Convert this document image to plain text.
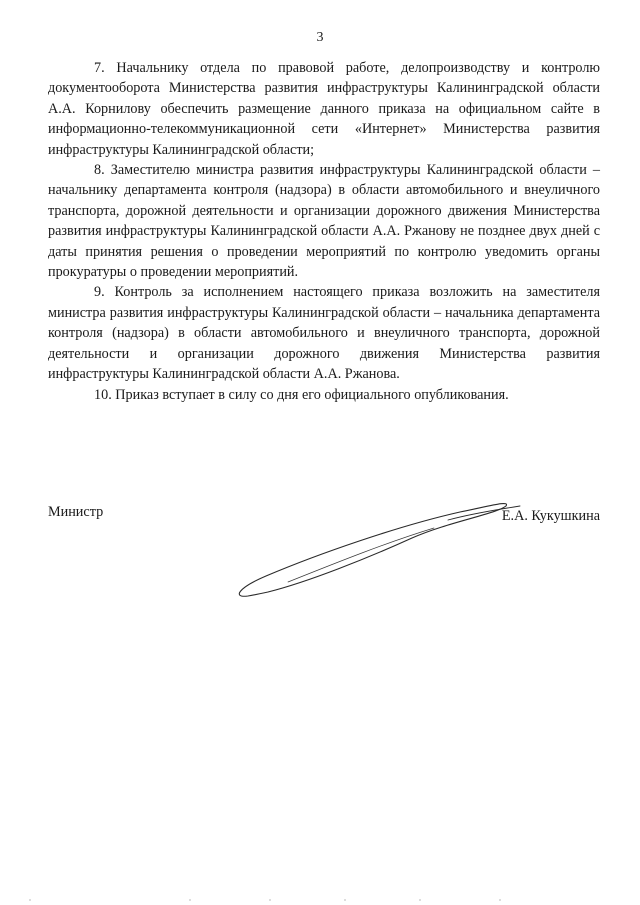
3

7. Начальнику отдела по правовой работе, делопроизводству и контролю документооборота Министерства развития инфраструктуры Калининградской области А.А. Корнилову обеспечить размещение данного приказа на официальном сайте в информационно-телекоммуникационной сети «Интернет» Министерства развития инфраструктуры Калининградской области;

8. Заместителю министра развития инфраструктуры Калининградской области – начальнику департамента контроля (надзора) в области автомобильного и внеуличного транспорта, дорожной деятельности и организации дорожного движения Министерства развития инфраструктуры Калининградской области А.А. Ржанову не позднее двух дней с даты принятия решения о проведении мероприятий по контролю уведомить органы прокуратуры о проведении мероприятий.

9. Контроль за исполнением настоящего приказа возложить на заместителя министра развития инфраструктуры Калининградской области – начальника департамента контроля (надзора) в области автомобильного и внеуличного транспорта, дорожной деятельности и организации дорожного движения Министерства развития инфраструктуры Калининградской области А.А. Ржанова.

10. Приказ вступает в силу со дня его официального опубликования.

Министр	Е.А. Кукушкина
